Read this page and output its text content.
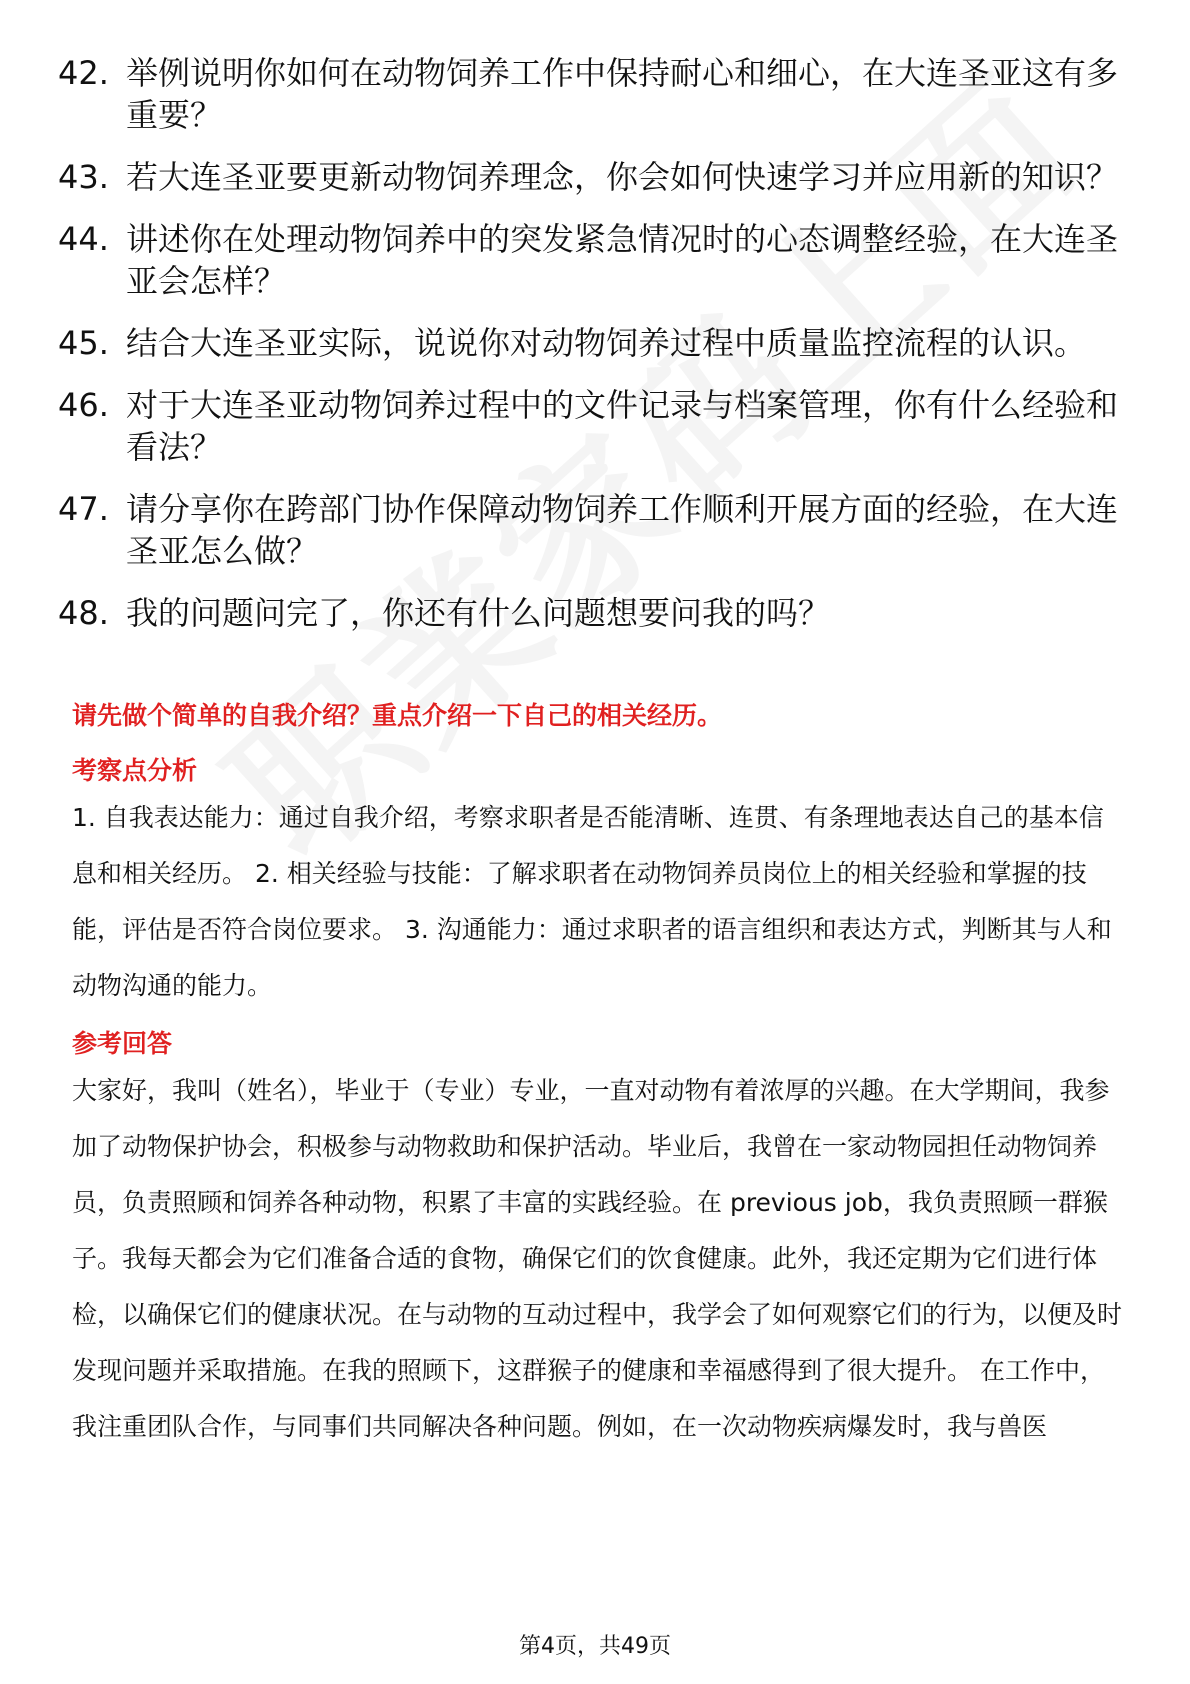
42. 举例说明你如何在动物饲养工作中保持耐心和细心，在大连圣亚这有多重要？
43. 若大连圣亚要更新动物饲养理念，你会如何快速学习并应用新的知识？
44. 讲述你在处理动物饲养中的突发紧急情况时的心态调整经验，在大连圣亚会怎样？
45. 结合大连圣亚实际，说说你对动物饲养过程中质量监控流程的认识。
46. 对于大连圣亚动物饲养过程中的文件记录与档案管理，你有什么经验和看法？
47. 请分享你在跨部门协作保障动物饲养工作顺利开展方面的经验，在大连圣亚怎么做？
48. 我的问题问完了，你还有什么问题想要问我的吗？
请先做个简单的自我介绍？重点介绍一下自己的相关经历。
考察点分析
1. 自我表达能力：通过自我介绍，考察求职者是否能清晰、连贯、有条理地表达自己的基本信息和相关经历。 2. 相关经验与技能：了解求职者在动物饲养员岗位上的相关经验和掌握的技能，评估是否符合岗位要求。 3. 沟通能力：通过求职者的语言组织和表达方式，判断其与人和动物沟通的能力。
参考回答
大家好，我叫（姓名），毕业于（专业）专业，一直对动物有着浓厚的兴趣。在大学期间，我参加了动物保护协会，积极参与动物救助和保护活动。毕业后，我曾在一家动物园担任动物饲养员，负责照顾和饲养各种动物，积累了丰富的实践经验。在 previous job，我负责照顾一群猴子。我每天都会为它们准备合适的食物，确保它们的饮食健康。此外，我还定期为它们进行体检，以确保它们的健康状况。在与动物的互动过程中，我学会了如何观察它们的行为，以便及时发现问题并采取措施。在我的照顾下，这群猴子的健康和幸福感得到了很大提升。 在工作中，我注重团队合作，与同事们共同解决各种问题。例如，在一次动物疾病爆发时，我与兽医
第4页，共49页
